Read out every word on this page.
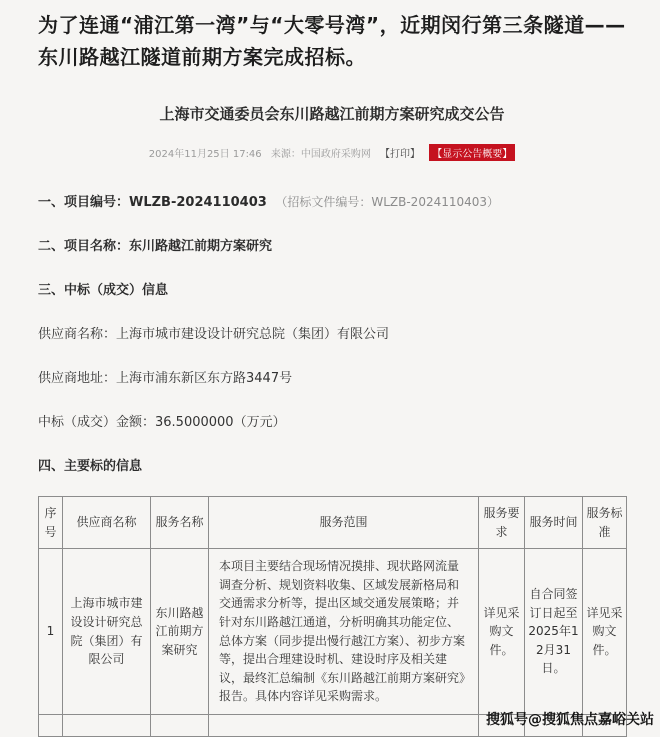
为了连通“浦江第一湾”与“大零号湾”，近期闵行第三条隧道——东川路越江隧道前期方案完成招标。

上海市交通委员会东川路越江前期方案研究成交公告
2024年11月25日 17:46 来源：中国政府采购网 【打印】 【显示公告概要】
一、项目编号：WLZB-2024110403 （招标文件编号：WLZB-2024110403）
二、项目名称：东川路越江前期方案研究
三、中标（成交）信息
供应商名称：上海市城市建设设计研究总院（集团）有限公司
供应商地址：上海市浦东新区东方路3447号
中标（成交）金额：36.5000000（万元）
四、主要标的信息
序号	供应商名称	服务名称	服务范围	服务要求	服务时间	服务标准
1	上海市城市建设设计研究总院（集团）有限公司	东川路越江前期方案研究	本项目主要结合现场情况摸排、现状路网流量调查分析、规划资料收集、区域发展新格局和交通需求分析等，提出区域交通发展策略；并针对东川路越江通道，分析明确其功能定位、总体方案（同步提出慢行越江方案）、初步方案等，提出合理建设时机、建设时序及相关建议，最终汇总编制《东川路越江前期方案研究》报告。具体内容详见采购需求。	详见采购文件。	自合同签订日起至2025年12月31日。	详见采购文件。

搜狐号@搜狐焦点嘉峪关站
